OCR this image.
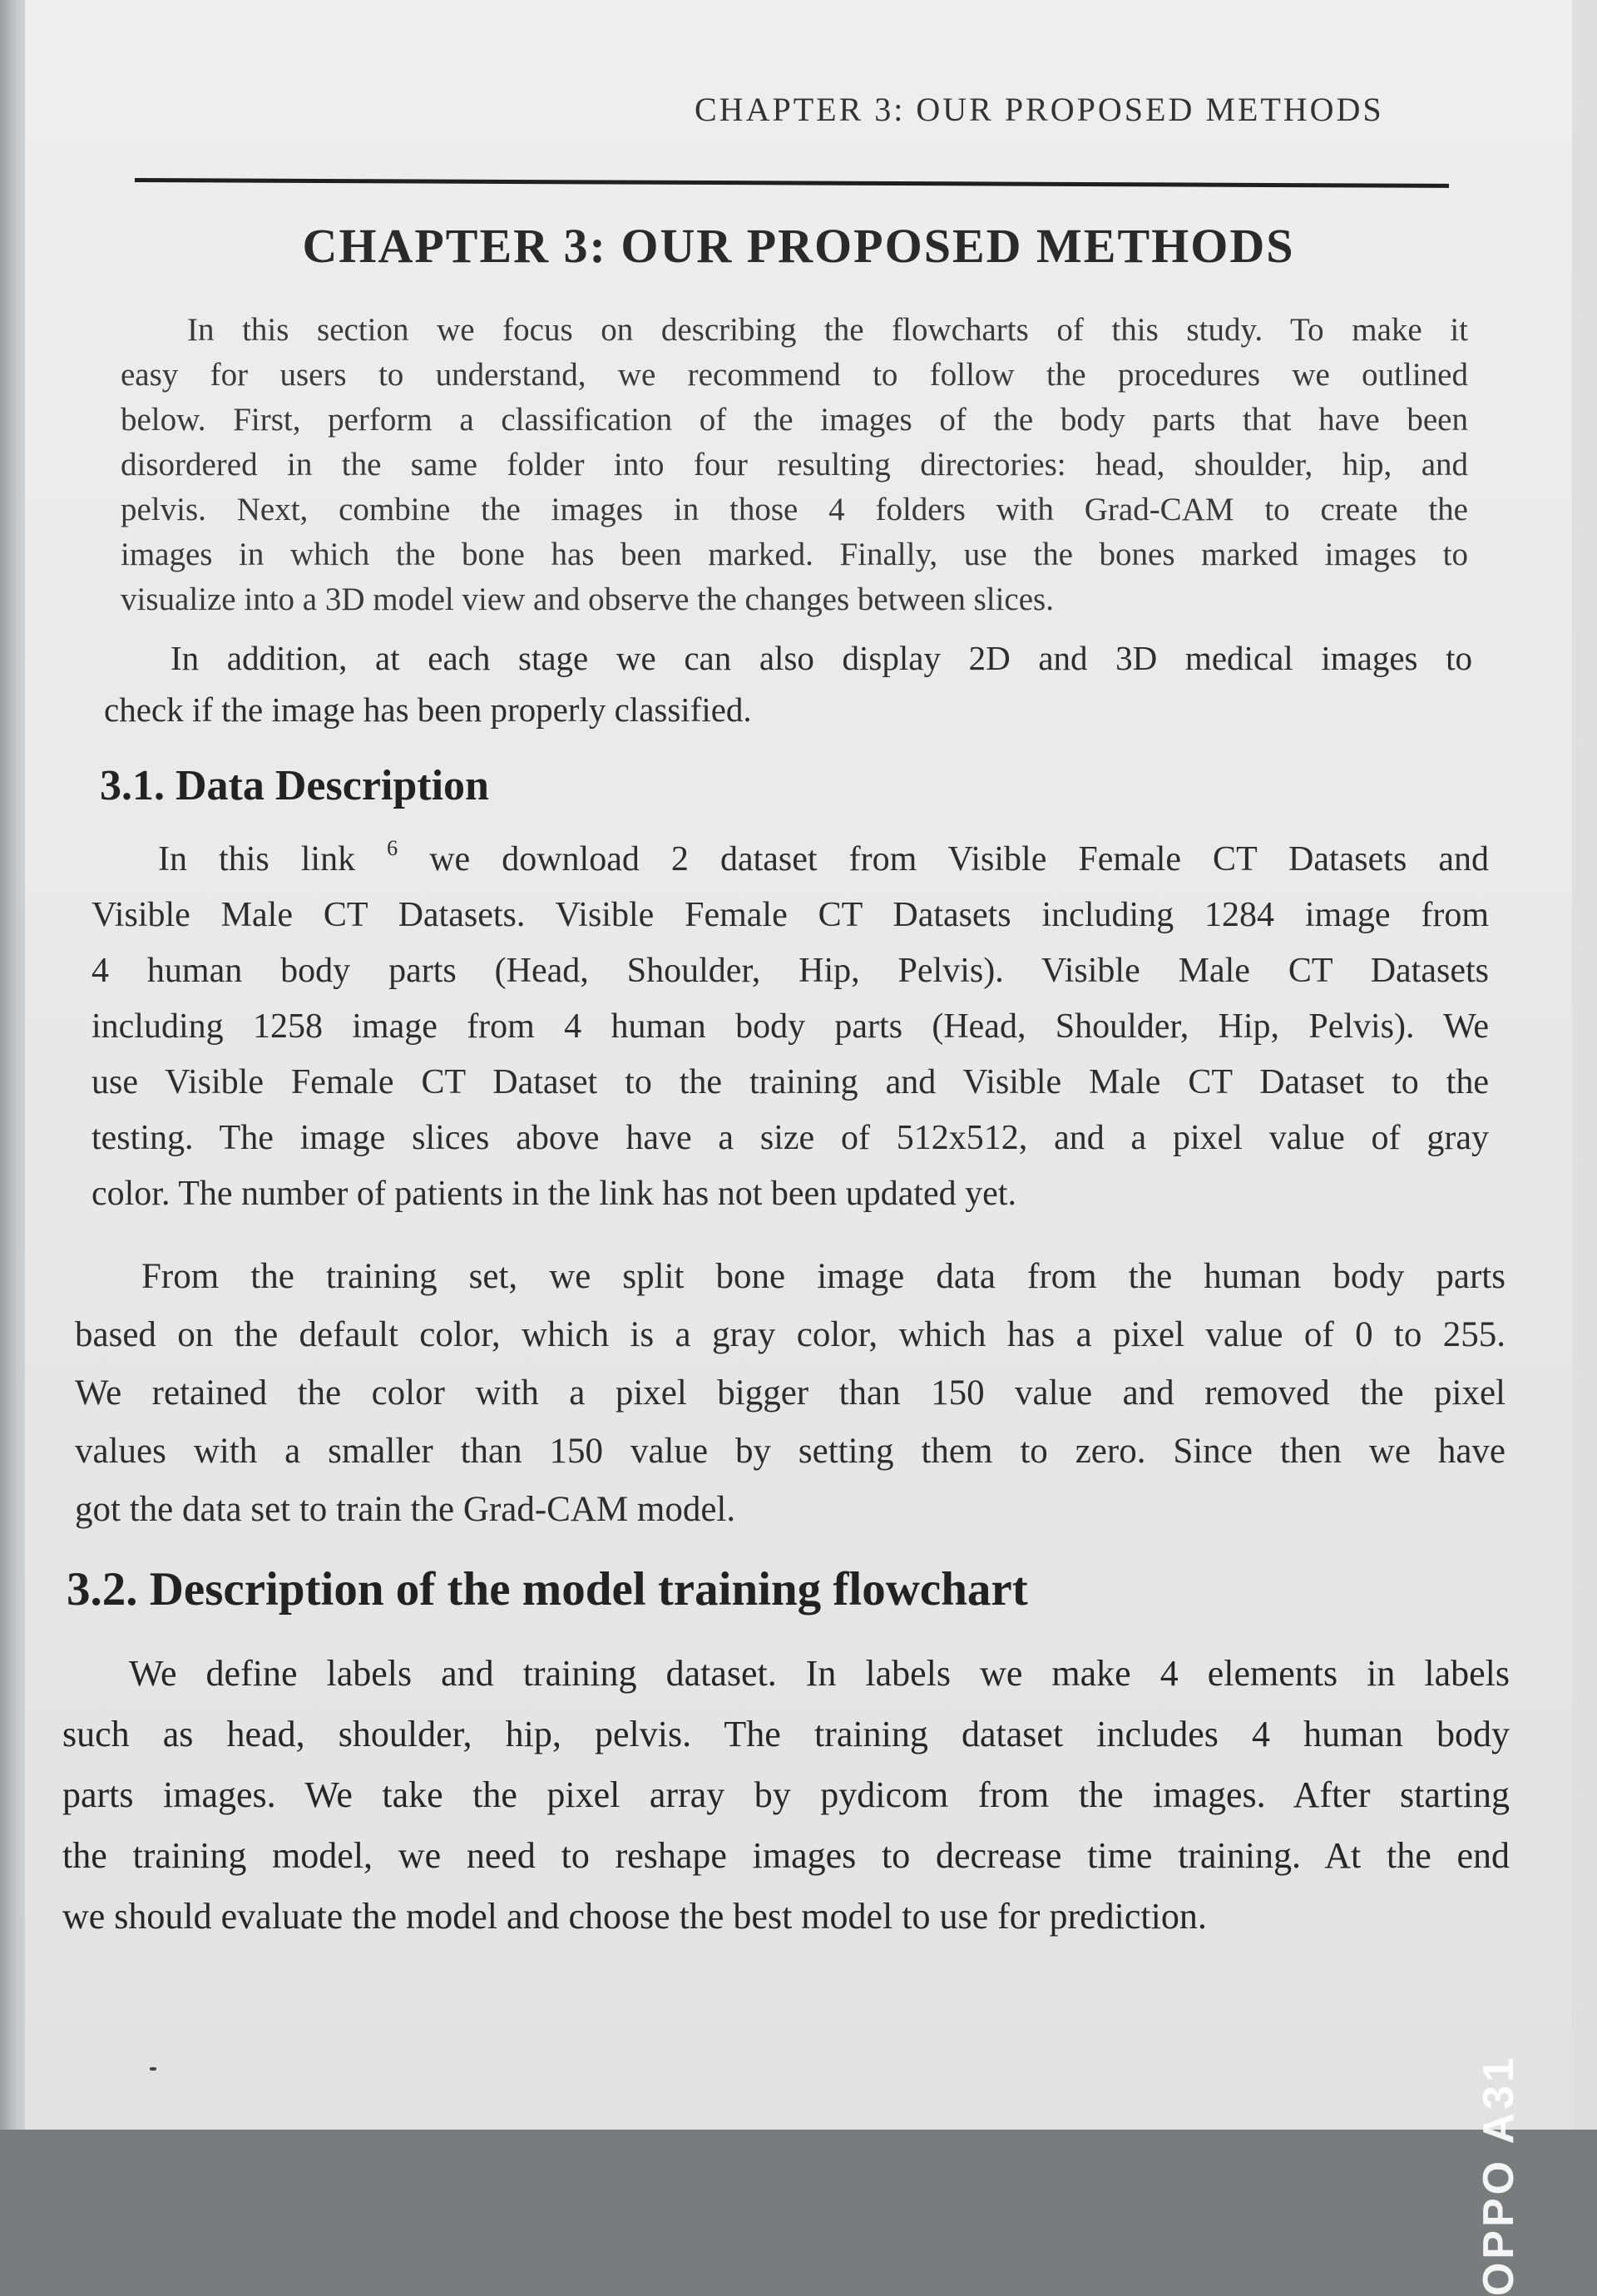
CHAPTER 3: OUR PROPOSED METHODS
CHAPTER 3: OUR PROPOSED METHODS
In this section we focus on describing the flowcharts of this study. To make it
easy for users to understand, we recommend to follow the procedures we outlined
below. First, perform a classification of the images of the body parts that have been
disordered in the same folder into four resulting directories: head, shoulder, hip, and
pelvis. Next, combine the images in those 4 folders with Grad-CAM to create the
images in which the bone has been marked. Finally, use the bones marked images to
visualize into a 3D model view and observe the changes between slices.
In addition, at each stage we can also display 2D and 3D medical images to
check if the image has been properly classified.
3.1. Data Description
In this link $^6$ we download 2 dataset from Visible Female CT Datasets and
Visible Male CT Datasets. Visible Female CT Datasets including 1284 image from
4 human body parts (Head, Shoulder, Hip, Pelvis). Visible Male CT Datasets
including 1258 image from 4 human body parts (Head, Shoulder, Hip, Pelvis). We
use Visible Female CT Dataset to the training and Visible Male CT Dataset to the
testing. The image slices above have a size of 512x512, and a pixel value of gray
color. The number of patients in the link has not been updated yet.
From the training set, we split bone image data from the human body parts
based on the default color, which is a gray color, which has a pixel value of 0 to 255.
We retained the color with a pixel bigger than 150 value and removed the pixel
values with a smaller than 150 value by setting them to zero. Since then we have
got the data set to train the Grad-CAM model.
3.2. Description of the model training flowchart
We define labels and training dataset. In labels we make 4 elements in labels
such as head, shoulder, hip, pelvis. The training dataset includes 4 human body
parts images. We take the pixel array by pydicom from the images. After starting
the training model, we need to reshape images to decrease time training. At the end
we should evaluate the model and choose the best model to use for prediction.
OPPO A31
